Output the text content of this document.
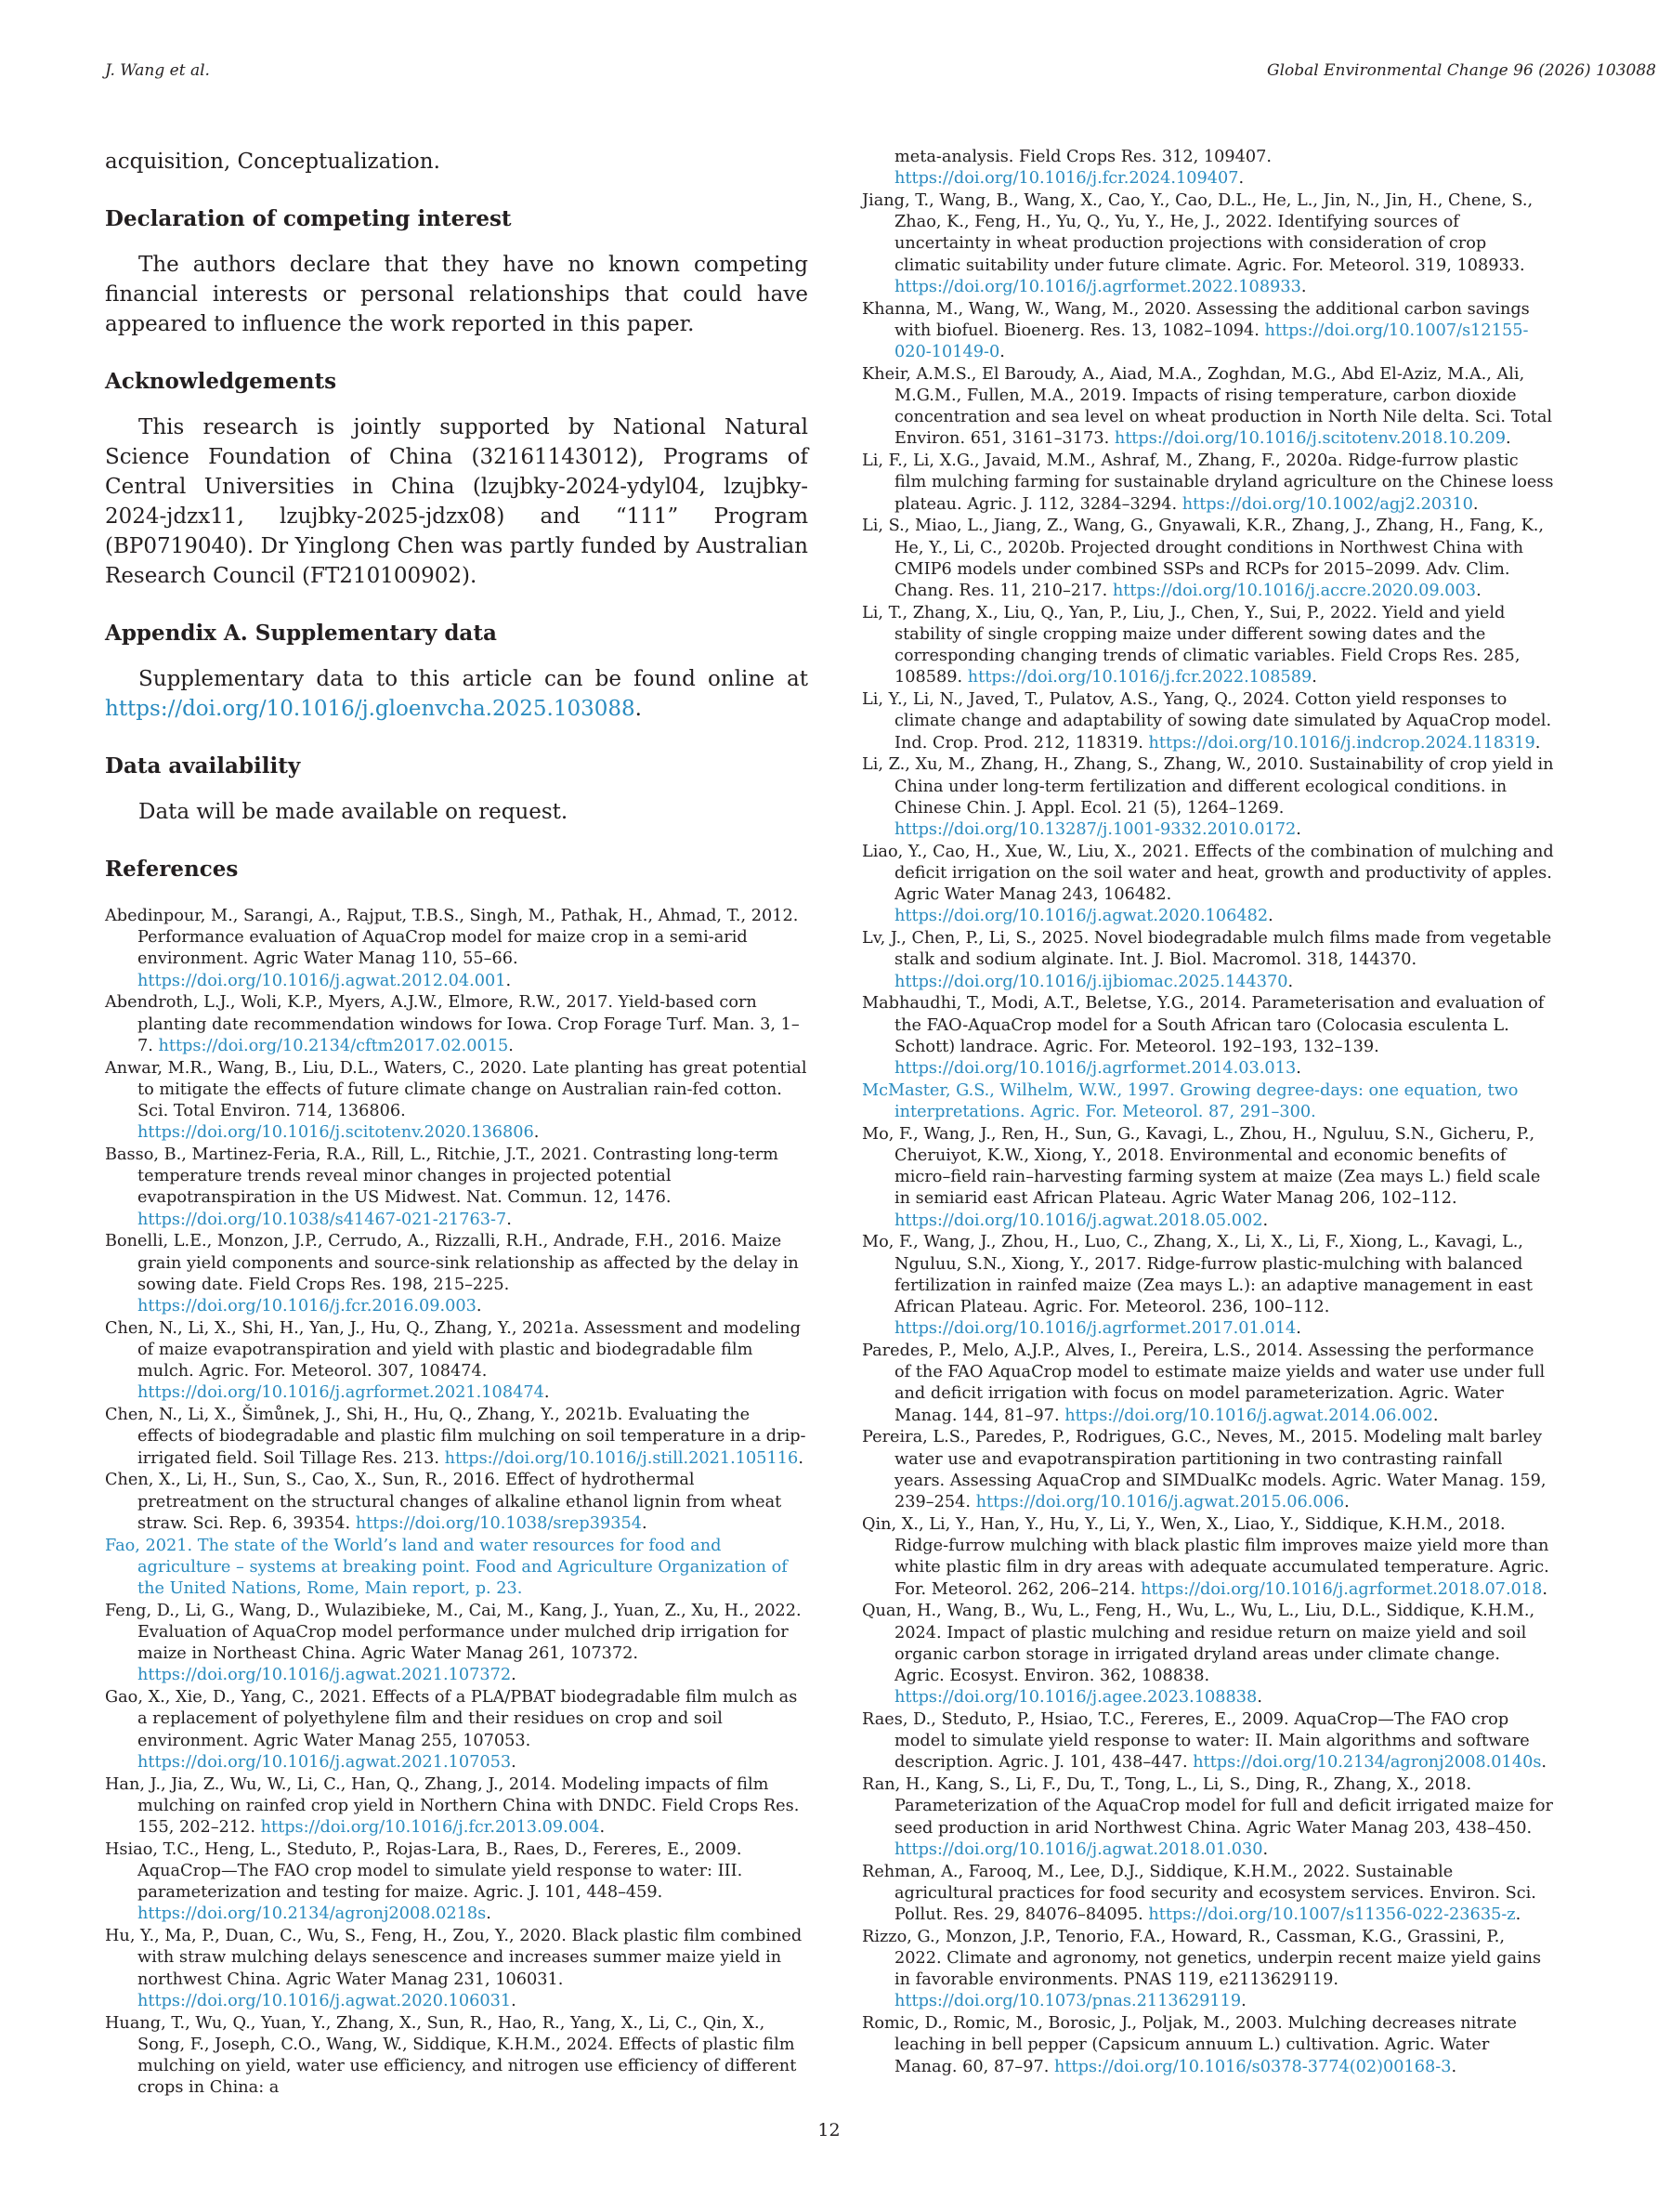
J. Wang et al.	Global Environmental Change 96 (2026) 103088

acquisition, Conceptualization.

Declaration of competing interest

The authors declare that they have no known competing financial interests or personal relationships that could have appeared to influence the work reported in this paper.

Acknowledgements

This research is jointly supported by National Natural Science Foundation of China (32161143012), Programs of Central Universities in China (lzujbky-2024-ydyl04, lzujbky-2024-jdzx11, lzujbky-2025-jdzx08) and “111” Program (BP0719040). Dr Yinglong Chen was partly funded by Australian Research Council (FT210100902).

Appendix A. Supplementary data

Supplementary data to this article can be found online at https://doi.org/10.1016/j.gloenvcha.2025.103088.

Data availability

Data will be made available on request.

References

Abedinpour, M., Sarangi, A., Rajput, T.B.S., Singh, M., Pathak, H., Ahmad, T., 2012. Performance evaluation of AquaCrop model for maize crop in a semi-arid environment. Agric Water Manag 110, 55–66. https://doi.org/10.1016/j.agwat.2012.04.001.

Abendroth, L.J., Woli, K.P., Myers, A.J.W., Elmore, R.W., 2017. Yield-based corn planting date recommendation windows for Iowa. Crop Forage Turf. Man. 3, 1–7. https://doi.org/10.2134/cftm2017.02.0015.

Anwar, M.R., Wang, B., Liu, D.L., Waters, C., 2020. Late planting has great potential to mitigate the effects of future climate change on Australian rain-fed cotton. Sci. Total Environ. 714, 136806. https://doi.org/10.1016/j.scitotenv.2020.136806.

Basso, B., Martinez-Feria, R.A., Rill, L., Ritchie, J.T., 2021. Contrasting long-term temperature trends reveal minor changes in projected potential evapotranspiration in the US Midwest. Nat. Commun. 12, 1476. https://doi.org/10.1038/s41467-021-21763-7.

Bonelli, L.E., Monzon, J.P., Cerrudo, A., Rizzalli, R.H., Andrade, F.H., 2016. Maize grain yield components and source-sink relationship as affected by the delay in sowing date. Field Crops Res. 198, 215–225. https://doi.org/10.1016/j.fcr.2016.09.003.

Chen, N., Li, X., Shi, H., Yan, J., Hu, Q., Zhang, Y., 2021a. Assessment and modeling of maize evapotranspiration and yield with plastic and biodegradable film mulch. Agric. For. Meteorol. 307, 108474. https://doi.org/10.1016/j.agrformet.2021.108474.

Chen, N., Li, X., Šimůnek, J., Shi, H., Hu, Q., Zhang, Y., 2021b. Evaluating the effects of biodegradable and plastic film mulching on soil temperature in a drip-irrigated field. Soil Tillage Res. 213. https://doi.org/10.1016/j.still.2021.105116.

Chen, X., Li, H., Sun, S., Cao, X., Sun, R., 2016. Effect of hydrothermal pretreatment on the structural changes of alkaline ethanol lignin from wheat straw. Sci. Rep. 6, 39354. https://doi.org/10.1038/srep39354.

Fao, 2021. The state of the World’s land and water resources for food and agriculture – systems at breaking point. Food and Agriculture Organization of the United Nations, Rome, Main report, p. 23.

Feng, D., Li, G., Wang, D., Wulazibieke, M., Cai, M., Kang, J., Yuan, Z., Xu, H., 2022. Evaluation of AquaCrop model performance under mulched drip irrigation for maize in Northeast China. Agric Water Manag 261, 107372. https://doi.org/10.1016/j.agwat.2021.107372.

Gao, X., Xie, D., Yang, C., 2021. Effects of a PLA/PBAT biodegradable film mulch as a replacement of polyethylene film and their residues on crop and soil environment. Agric Water Manag 255, 107053. https://doi.org/10.1016/j.agwat.2021.107053.

Han, J., Jia, Z., Wu, W., Li, C., Han, Q., Zhang, J., 2014. Modeling impacts of film mulching on rainfed crop yield in Northern China with DNDC. Field Crops Res. 155, 202–212. https://doi.org/10.1016/j.fcr.2013.09.004.

Hsiao, T.C., Heng, L., Steduto, P., Rojas-Lara, B., Raes, D., Fereres, E., 2009. AquaCrop—The FAO crop model to simulate yield response to water: III. parameterization and testing for maize. Agric. J. 101, 448–459. https://doi.org/10.2134/agronj2008.0218s.

Hu, Y., Ma, P., Duan, C., Wu, S., Feng, H., Zou, Y., 2020. Black plastic film combined with straw mulching delays senescence and increases summer maize yield in northwest China. Agric Water Manag 231, 106031. https://doi.org/10.1016/j.agwat.2020.106031.

Huang, T., Wu, Q., Yuan, Y., Zhang, X., Sun, R., Hao, R., Yang, X., Li, C., Qin, X., Song, F., Joseph, C.O., Wang, W., Siddique, K.H.M., 2024. Effects of plastic film mulching on yield, water use efficiency, and nitrogen use efficiency of different crops in China: a

meta-analysis. Field Crops Res. 312, 109407. https://doi.org/10.1016/j.fcr.2024.109407.

Jiang, T., Wang, B., Wang, X., Cao, Y., Cao, D.L., He, L., Jin, N., Jin, H., Chene, S., Zhao, K., Feng, H., Yu, Q., Yu, Y., He, J., 2022. Identifying sources of uncertainty in wheat production projections with consideration of crop climatic suitability under future climate. Agric. For. Meteorol. 319, 108933. https://doi.org/10.1016/j.agrformet.2022.108933.

Khanna, M., Wang, W., Wang, M., 2020. Assessing the additional carbon savings with biofuel. Bioenerg. Res. 13, 1082–1094. https://doi.org/10.1007/s12155-020-10149-0.

Kheir, A.M.S., El Baroudy, A., Aiad, M.A., Zoghdan, M.G., Abd El-Aziz, M.A., Ali, M.G.M., Fullen, M.A., 2019. Impacts of rising temperature, carbon dioxide concentration and sea level on wheat production in North Nile delta. Sci. Total Environ. 651, 3161–3173. https://doi.org/10.1016/j.scitotenv.2018.10.209.

Li, F., Li, X.G., Javaid, M.M., Ashraf, M., Zhang, F., 2020a. Ridge-furrow plastic film mulching farming for sustainable dryland agriculture on the Chinese loess plateau. Agric. J. 112, 3284–3294. https://doi.org/10.1002/agj2.20310.

Li, S., Miao, L., Jiang, Z., Wang, G., Gnyawali, K.R., Zhang, J., Zhang, H., Fang, K., He, Y., Li, C., 2020b. Projected drought conditions in Northwest China with CMIP6 models under combined SSPs and RCPs for 2015–2099. Adv. Clim. Chang. Res. 11, 210–217. https://doi.org/10.1016/j.accre.2020.09.003.

Li, T., Zhang, X., Liu, Q., Yan, P., Liu, J., Chen, Y., Sui, P., 2022. Yield and yield stability of single cropping maize under different sowing dates and the corresponding changing trends of climatic variables. Field Crops Res. 285, 108589. https://doi.org/10.1016/j.fcr.2022.108589.

Li, Y., Li, N., Javed, T., Pulatov, A.S., Yang, Q., 2024. Cotton yield responses to climate change and adaptability of sowing date simulated by AquaCrop model. Ind. Crop. Prod. 212, 118319. https://doi.org/10.1016/j.indcrop.2024.118319.

Li, Z., Xu, M., Zhang, H., Zhang, S., Zhang, W., 2010. Sustainability of crop yield in China under long-term fertilization and different ecological conditions. in Chinese Chin. J. Appl. Ecol. 21 (5), 1264–1269. https://doi.org/10.13287/j.1001-9332.2010.0172.

Liao, Y., Cao, H., Xue, W., Liu, X., 2021. Effects of the combination of mulching and deficit irrigation on the soil water and heat, growth and productivity of apples. Agric Water Manag 243, 106482. https://doi.org/10.1016/j.agwat.2020.106482.

Lv, J., Chen, P., Li, S., 2025. Novel biodegradable mulch films made from vegetable stalk and sodium alginate. Int. J. Biol. Macromol. 318, 144370. https://doi.org/10.1016/j.ijbiomac.2025.144370.

Mabhaudhi, T., Modi, A.T., Beletse, Y.G., 2014. Parameterisation and evaluation of the FAO-AquaCrop model for a South African taro (Colocasia esculenta L. Schott) landrace. Agric. For. Meteorol. 192–193, 132–139. https://doi.org/10.1016/j.agrformet.2014.03.013.

McMaster, G.S., Wilhelm, W.W., 1997. Growing degree-days: one equation, two interpretations. Agric. For. Meteorol. 87, 291–300.

Mo, F., Wang, J., Ren, H., Sun, G., Kavagi, L., Zhou, H., Nguluu, S.N., Gicheru, P., Cheruiyot, K.W., Xiong, Y., 2018. Environmental and economic benefits of micro–field rain–harvesting farming system at maize (Zea mays L.) field scale in semiarid east African Plateau. Agric Water Manag 206, 102–112. https://doi.org/10.1016/j.agwat.2018.05.002.

Mo, F., Wang, J., Zhou, H., Luo, C., Zhang, X., Li, X., Li, F., Xiong, L., Kavagi, L., Nguluu, S.N., Xiong, Y., 2017. Ridge-furrow plastic-mulching with balanced fertilization in rainfed maize (Zea mays L.): an adaptive management in east African Plateau. Agric. For. Meteorol. 236, 100–112. https://doi.org/10.1016/j.agrformet.2017.01.014.

Paredes, P., Melo, A.J.P., Alves, I., Pereira, L.S., 2014. Assessing the performance of the FAO AquaCrop model to estimate maize yields and water use under full and deficit irrigation with focus on model parameterization. Agric. Water Manag. 144, 81–97. https://doi.org/10.1016/j.agwat.2014.06.002.

Pereira, L.S., Paredes, P., Rodrigues, G.C., Neves, M., 2015. Modeling malt barley water use and evapotranspiration partitioning in two contrasting rainfall years. Assessing AquaCrop and SIMDualKc models. Agric. Water Manag. 159, 239–254. https://doi.org/10.1016/j.agwat.2015.06.006.

Qin, X., Li, Y., Han, Y., Hu, Y., Li, Y., Wen, X., Liao, Y., Siddique, K.H.M., 2018. Ridge-furrow mulching with black plastic film improves maize yield more than white plastic film in dry areas with adequate accumulated temperature. Agric. For. Meteorol. 262, 206–214. https://doi.org/10.1016/j.agrformet.2018.07.018.

Quan, H., Wang, B., Wu, L., Feng, H., Wu, L., Wu, L., Liu, D.L., Siddique, K.H.M., 2024. Impact of plastic mulching and residue return on maize yield and soil organic carbon storage in irrigated dryland areas under climate change. Agric. Ecosyst. Environ. 362, 108838. https://doi.org/10.1016/j.agee.2023.108838.

Raes, D., Steduto, P., Hsiao, T.C., Fereres, E., 2009. AquaCrop—The FAO crop model to simulate yield response to water: II. Main algorithms and software description. Agric. J. 101, 438–447. https://doi.org/10.2134/agronj2008.0140s.

Ran, H., Kang, S., Li, F., Du, T., Tong, L., Li, S., Ding, R., Zhang, X., 2018. Parameterization of the AquaCrop model for full and deficit irrigated maize for seed production in arid Northwest China. Agric Water Manag 203, 438–450. https://doi.org/10.1016/j.agwat.2018.01.030.

Rehman, A., Farooq, M., Lee, D.J., Siddique, K.H.M., 2022. Sustainable agricultural practices for food security and ecosystem services. Environ. Sci. Pollut. Res. 29, 84076–84095. https://doi.org/10.1007/s11356-022-23635-z.

Rizzo, G., Monzon, J.P., Tenorio, F.A., Howard, R., Cassman, K.G., Grassini, P., 2022. Climate and agronomy, not genetics, underpin recent maize yield gains in favorable environments. PNAS 119, e2113629119. https://doi.org/10.1073/pnas.2113629119.

Romic, D., Romic, M., Borosic, J., Poljak, M., 2003. Mulching decreases nitrate leaching in bell pepper (Capsicum annuum L.) cultivation. Agric. Water Manag. 60, 87–97. https://doi.org/10.1016/s0378-3774(02)00168-3.

12
